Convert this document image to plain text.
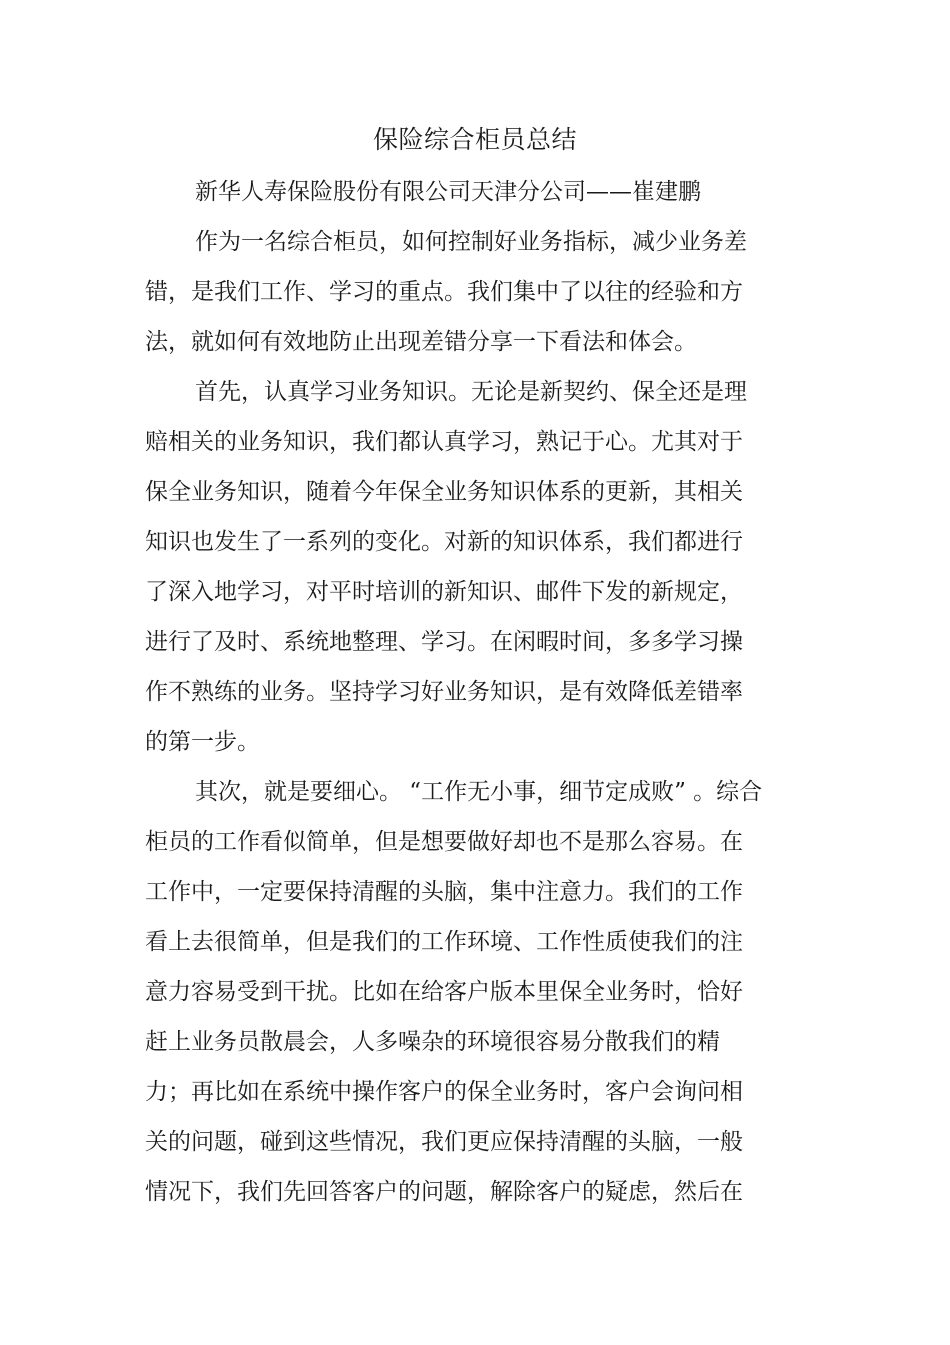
保险综合柜员总结

新华人寿保险股份有限公司天津分公司——崔建鹏

作为一名综合柜员，如何控制好业务指标，减少业务差

错，是我们工作、学习的重点。我们集中了以往的经验和方

法，就如何有效地防止出现差错分享一下看法和体会。

首先，认真学习业务知识。无论是新契约、保全还是理

赔相关的业务知识，我们都认真学习，熟记于心。尤其对于

保全业务知识，随着今年保全业务知识体系的更新，其相关

知识也发生了一系列的变化。对新的知识体系，我们都进行

了深入地学习，对平时培训的新知识、邮件下发的新规定，

进行了及时、系统地整理、学习。在闲暇时间，多多学习操

作不熟练的业务。坚持学习好业务知识，是有效降低差错率

的第一步。

其次，就是要细心。 “工作无小事，细节定成败” 。综合

柜员的工作看似简单，但是想要做好却也不是那么容易。在

工作中，一定要保持清醒的头脑，集中注意力。我们的工作

看上去很简单，但是我们的工作环境、工作性质使我们的注

意力容易受到干扰。比如在给客户版本里保全业务时，恰好

赶上业务员散晨会，人多噪杂的环境很容易分散我们的精

力；再比如在系统中操作客户的保全业务时，客户会询问相

关的问题，碰到这些情况，我们更应保持清醒的头脑，一般

情况下，我们先回答客户的问题，解除客户的疑虑，然后在
